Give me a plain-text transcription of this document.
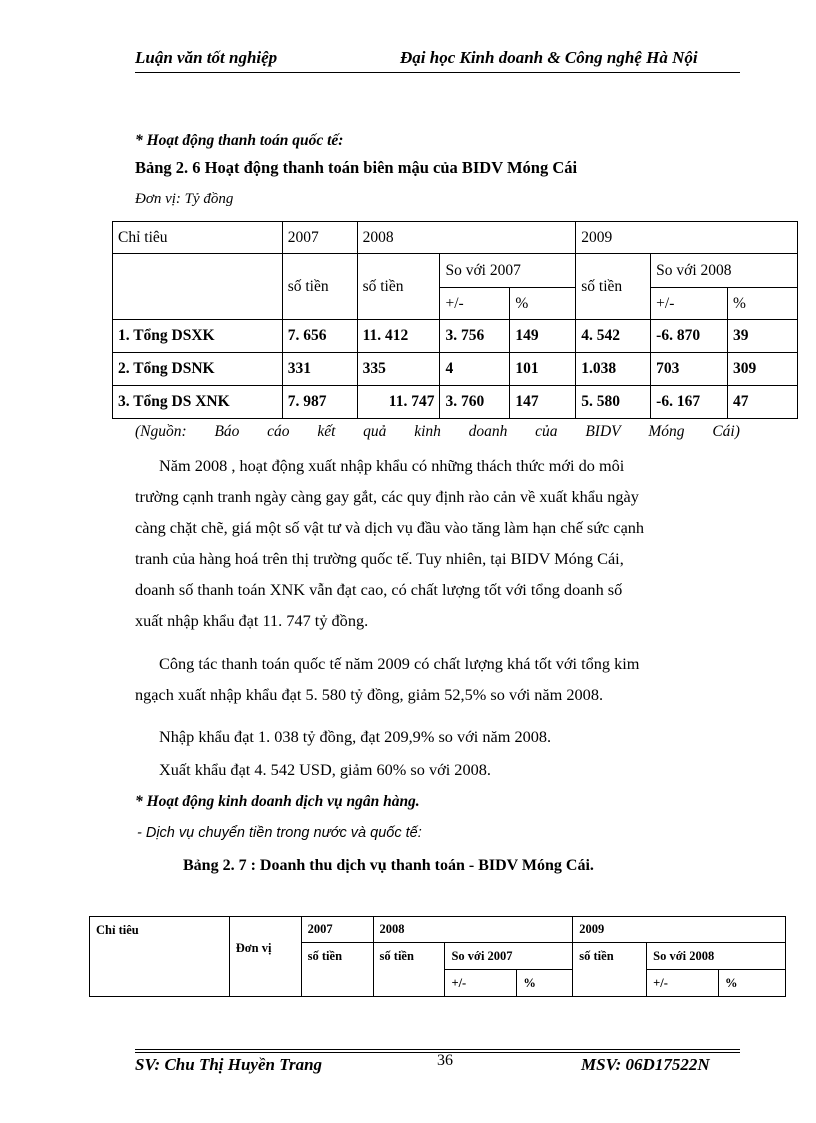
Luận văn tốt nghiệp	Đại học Kinh doanh & Công nghệ Hà Nội
* Hoạt động thanh toán quốc tế:
Bảng 2. 6 Hoạt động thanh toán biên mậu của BIDV Móng Cái
Đơn vị: Tỷ đồng
Chỉ tiêu	2007	2008			2009		
	số tiền	số tiền	So với 2007		số tiền	So với 2008	
			+/-	%		+/-	%
1. Tổng DSXK	7. 656	11. 412	3. 756	149	4. 542	-6. 870	39
2. Tổng DSNK	331	335	4	101	1.038	703	309
3. Tổng DS XNK	7. 987	11. 747	3. 760	147	5. 580	-6. 167	47
(Nguồn: Báo cáo kết quả kinh doanh của BIDV Móng Cái)
Năm 2008 , hoạt động xuất nhập khẩu có những thách thức mới do môi
trường cạnh tranh ngày càng gay gắt, các quy định rào cản về xuất khẩu ngày
càng chặt chẽ, giá một số vật tư và dịch vụ đầu vào tăng làm hạn chế sức cạnh
tranh của hàng hoá trên thị trường quốc tế. Tuy nhiên, tại BIDV Móng Cái,
doanh số thanh toán XNK vẫn đạt cao, có chất lượng tốt với tổng doanh số
xuất nhập khẩu đạt 11. 747 tỷ đồng.
Công tác thanh toán quốc tế năm 2009 có chất lượng khá tốt với tổng kim
ngạch xuất nhập khẩu đạt 5. 580 tỷ đồng, giảm 52,5% so với năm 2008.
Nhập khẩu đạt 1. 038 tỷ đồng, đạt 209,9% so với năm 2008.
Xuất khẩu đạt 4. 542 USD, giảm 60% so với 2008.
* Hoạt động kinh doanh dịch vụ ngân hàng.
- Dịch vụ chuyển tiền trong nước và quốc tế:
Bảng 2. 7 : Doanh thu dịch vụ thanh toán - BIDV Móng Cái.
Chỉ tiêu	Đơn vị	2007	2008			2009		
		số tiền	số tiền	So với 2007		số tiền	So với 2008	
				+/-	%		+/-	%
SV: Chu Thị Huyền Trang	36	MSV: 06D17522N
